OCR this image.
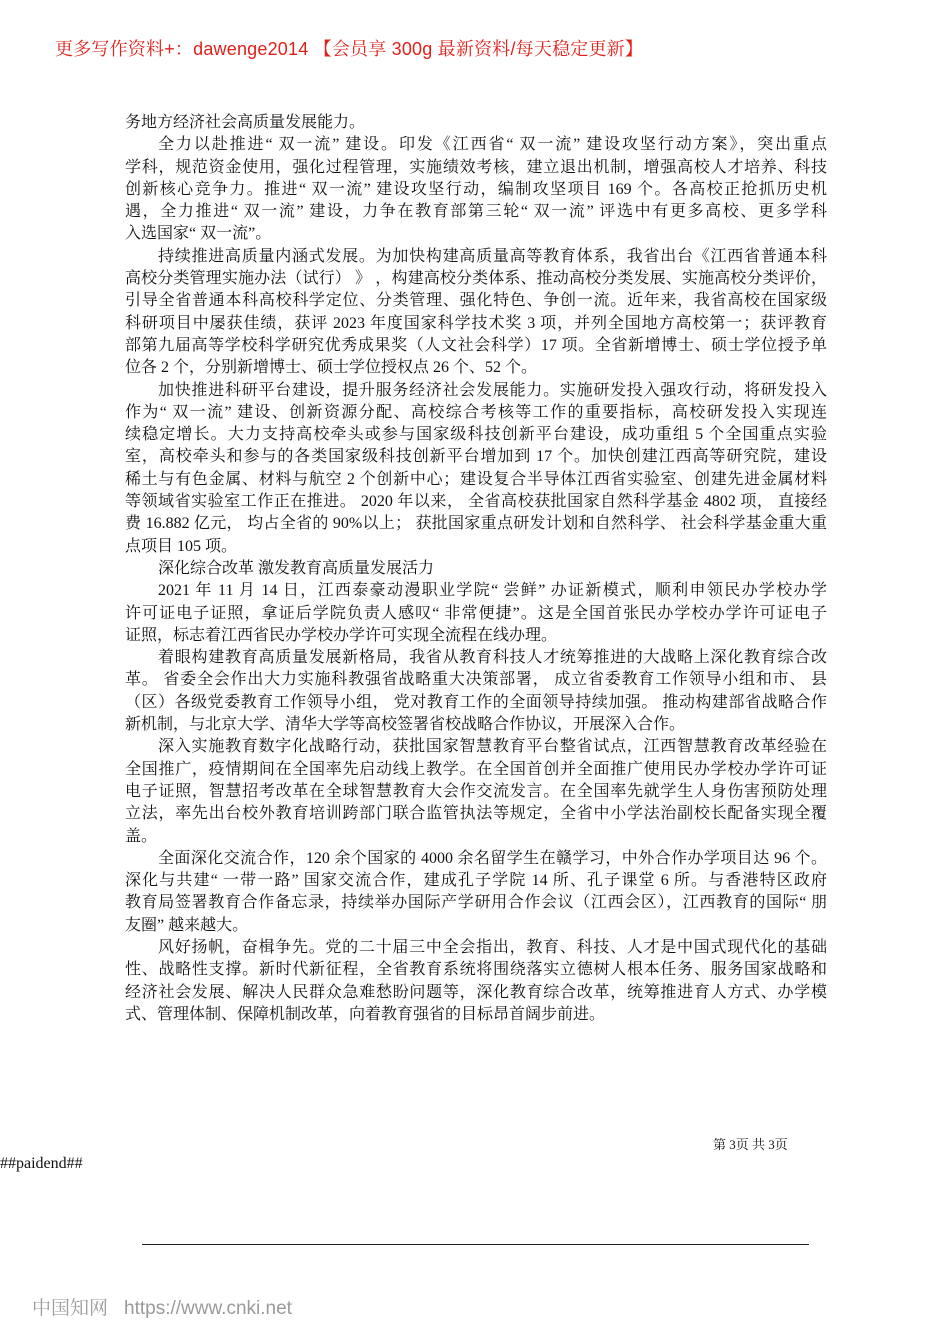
更多写作资料+：dawenge2014 【会员享 300g 最新资料/每天稳定更新】
务地方经济社会高质量发展能力。
全力以赴推进“ 双一流” 建设。印发《江西省“ 双一流” 建设攻坚行动方案》，突出重点
学科，规范资金使用，强化过程管理，实施绩效考核，建立退出机制，增强高校人才培养、科技
创新核心竞争力。推进“ 双一流” 建设攻坚行动，编制攻坚项目 169 个。各高校正抢抓历史机
遇，全力推进“ 双一流” 建设，力争在教育部第三轮“ 双一流” 评选中有更多高校、更多学科
入选国家“ 双一流”。
持续推进高质量内涵式发展。为加快构建高质量高等教育体系，我省出台《江西省普通本科
高校分类管理实施办法（试行） 》 ，构建高校分类体系、推动高校分类发展、实施高校分类评价，
引导全省普通本科高校科学定位、分类管理、强化特色、争创一流。近年来，我省高校在国家级
科研项目中屡获佳绩，获评 2023 年度国家科学技术奖 3 项，并列全国地方高校第一；获评教育
部第九届高等学校科学研究优秀成果奖（人文社会科学）17 项。全省新增博士、硕士学位授予单
位各 2 个，分别新增博士、硕士学位授权点 26 个、52 个。
加快推进科研平台建设，提升服务经济社会发展能力。实施研发投入强攻行动，将研发投入
作为“ 双一流” 建设、创新资源分配、高校综合考核等工作的重要指标，高校研发投入实现连
续稳定增长。大力支持高校牵头或参与国家级科技创新平台建设，成功重组 5 个全国重点实验
室，高校牵头和参与的各类国家级科技创新平台增加到 17 个。加快创建江西高等研究院，建设
稀土与有色金属、材料与航空 2 个创新中心；建设复合半导体江西省实验室、创建先进金属材料
等领域省实验室工作正在推进。 2020 年以来， 全省高校获批国家自然科学基金 4802 项， 直接经
费 16.882 亿元， 均占全省的 90%以上； 获批国家重点研发计划和自然科学、 社会科学基金重大重
点项目 105 项。
深化综合改革 激发教育高质量发展活力
2021 年 11 月 14 日，江西泰豪动漫职业学院“ 尝鲜” 办证新模式，顺利申领民办学校办学
许可证电子证照，拿证后学院负责人感叹“ 非常便捷”。这是全国首张民办学校办学许可证电子
证照，标志着江西省民办学校办学许可实现全流程在线办理。
着眼构建教育高质量发展新格局，我省从教育科技人才统筹推进的大战略上深化教育综合改
革。 省委全会作出大力实施科教强省战略重大决策部署， 成立省委教育工作领导小组和市、 县
（区）各级党委教育工作领导小组， 党对教育工作的全面领导持续加强。 推动构建部省战略合作
新机制，与北京大学、清华大学等高校签署省校战略合作协议，开展深入合作。
深入实施教育数字化战略行动，获批国家智慧教育平台整省试点，江西智慧教育改革经验在
全国推广，疫情期间在全国率先启动线上教学。在全国首创并全面推广使用民办学校办学许可证
电子证照，智慧招考改革在全球智慧教育大会作交流发言。在全国率先就学生人身伤害预防处理
立法，率先出台校外教育培训跨部门联合监管执法等规定，全省中小学法治副校长配备实现全覆
盖。
全面深化交流合作，120 余个国家的 4000 余名留学生在赣学习，中外合作办学项目达 96 个。
深化与共建“ 一带一路” 国家交流合作，建成孔子学院 14 所、孔子课堂 6 所。与香港特区政府
教育局签署教育合作备忘录，持续举办国际产学研用合作会议（江西会区），江西教育的国际“ 朋
友圈” 越来越大。
风好扬帆，奋楫争先。党的二十届三中全会指出，教育、科技、人才是中国式现代化的基础
性、战略性支撑。新时代新征程，全省教育系统将围绕落实立德树人根本任务、服务国家战略和
经济社会发展、解决人民群众急难愁盼问题等，深化教育综合改革，统筹推进育人方式、办学模
式、管理体制、保障机制改革，向着教育强省的目标昂首阔步前进。
第 3页 共 3页
##paidend##
中国知网 https://www.cnki.net
